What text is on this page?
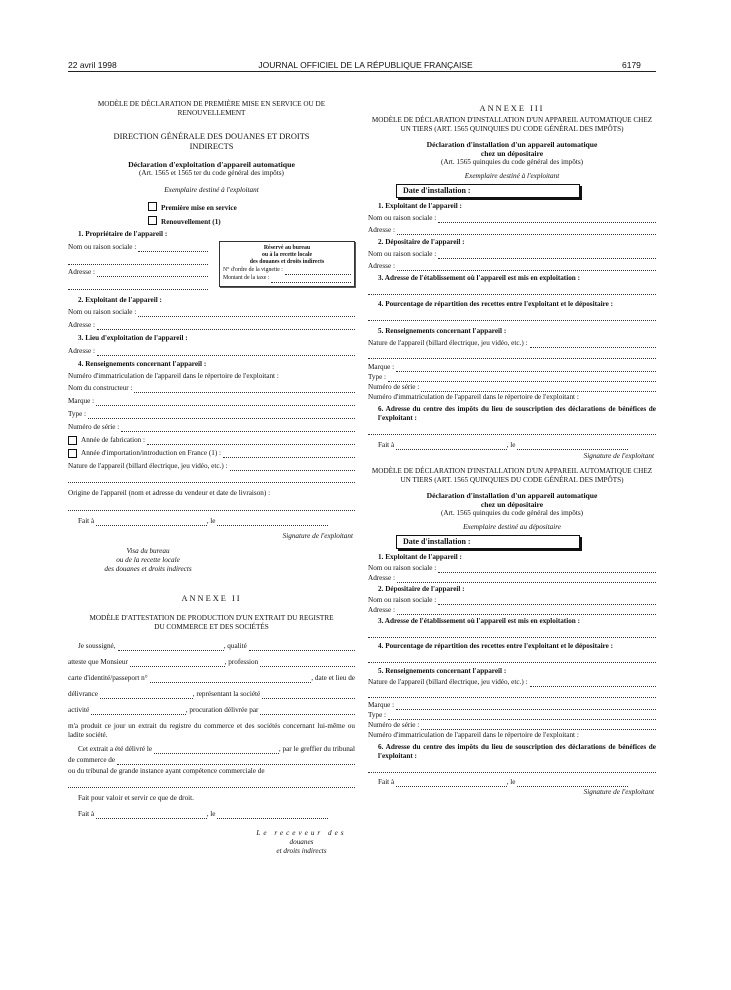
22 avril 1998	JOURNAL OFFICIEL DE LA RÉPUBLIQUE FRANÇAISE	6179
MODÈLE DE DÉCLARATION DE PREMIÈRE MISE EN SERVICE OU DE RENOUVELLEMENT
DIRECTION GÉNÉRALE DES DOUANES ET DROITS INDIRECTS
Déclaration d'exploitation d'appareil automatique
(Art. 1565 et 1565 ter du code général des impôts)
Exemplaire destiné à l'exploitant
Première mise en service
Renouvellement (1)
1. Propriétaire de l'appareil :
Nom ou raison sociale :
Adresse :
Réservé au bureau
ou à la recette locale
des douanes et droits indirects
N° d'ordre de la vignette :
Montant de la taxe :
2. Exploitant de l'appareil :
Nom ou raison sociale :
Adresse :
3. Lieu d'exploitation de l'appareil :
Adresse :
4. Renseignements concernant l'appareil :
Numéro d'immatriculation de l'appareil dans le répertoire de l'exploitant :
Nom du constructeur :
Marque :
Type :
Numéro de série :
Année de fabrication :
Année d'importation/introduction en France (1) :
Nature de l'appareil (billard électrique, jeu vidéo, etc.) :
Origine de l'appareil (nom et adresse du vendeur et date de livraison) :
Fait à	, le
Signature de l'exploitant
Visa du bureau
ou de la recette locale
des douanes et droits indirects
ANNEXE II
MODÈLE D'ATTESTATION DE PRODUCTION D'UN EXTRAIT DU REGISTRE DU COMMERCE ET DES SOCIÉTÉS
Je soussigné,	, qualité
atteste que Monsieur	, profession
carte d'identité/passeport n°	, date et lieu de
délivrance	, représentant la société
activité	, procuration délivrée par
m'a produit ce jour un extrait du registre du commerce et des sociétés concernant lui-même ou ladite société.
Cet extrait a été délivré le	, par le greffier du tribunal
de commerce de
ou du tribunal de grande instance ayant compétence commerciale de
Fait pour valoir et servir ce que de droit.
Fait à	, le
Le receveur des
douanes
et droits indirects
ANNEXE III
MODÈLE DE DÉCLARATION D'INSTALLATION D'UN APPAREIL AUTOMATIQUE CHEZ UN TIERS (ART. 1565 QUINQUIES DU CODE GÉNÉRAL DES IMPÔTS)
Déclaration d'installation d'un appareil automatique
chez un dépositaire
(Art. 1565 quinquies du code général des impôts)
Exemplaire destiné à l'exploitant
Date d'installation :
1. Exploitant de l'appareil :
Nom ou raison sociale :
Adresse :
2. Dépositaire de l'appareil :
Nom ou raison sociale :
Adresse :
3. Adresse de l'établissement où l'appareil est mis en exploitation :
4. Pourcentage de répartition des recettes entre l'exploitant et le dépositaire :
5. Renseignements concernant l'appareil :
Nature de l'appareil (billard électrique, jeu vidéo, etc.) :
Marque :
Type :
Numéro de série :
Numéro d'immatriculation de l'appareil dans le répertoire de l'exploitant :
6. Adresse du centre des impôts du lieu de souscription des déclarations de bénéfices de l'exploitant :
Fait à	, le
Signature de l'exploitant
MODÈLE DE DÉCLARATION D'INSTALLATION D'UN APPAREIL AUTOMATIQUE CHEZ UN TIERS (ART. 1565 QUINQUIES DU CODE GÉNÉRAL DES IMPÔTS)
Déclaration d'installation d'un appareil automatique
chez un dépositaire
(Art. 1565 quinquies du code général des impôts)
Exemplaire destiné au dépositaire
Date d'installation :
1. Exploitant de l'appareil :
Nom ou raison sociale :
Adresse :
2. Dépositaire de l'appareil :
Nom ou raison sociale :
Adresse :
3. Adresse de l'établissement où l'appareil est mis en exploitation :
4. Pourcentage de répartition des recettes entre l'exploitant et le dépositaire :
5. Renseignements concernant l'appareil :
Nature de l'appareil (billard électrique, jeu vidéo, etc.) :
Marque :
Type :
Numéro de série :
Numéro d'immatriculation de l'appareil dans le répertoire de l'exploitant :
6. Adresse du centre des impôts du lieu de souscription des déclarations de bénéfices de l'exploitant :
Fait à	, le
Signature de l'exploitant
